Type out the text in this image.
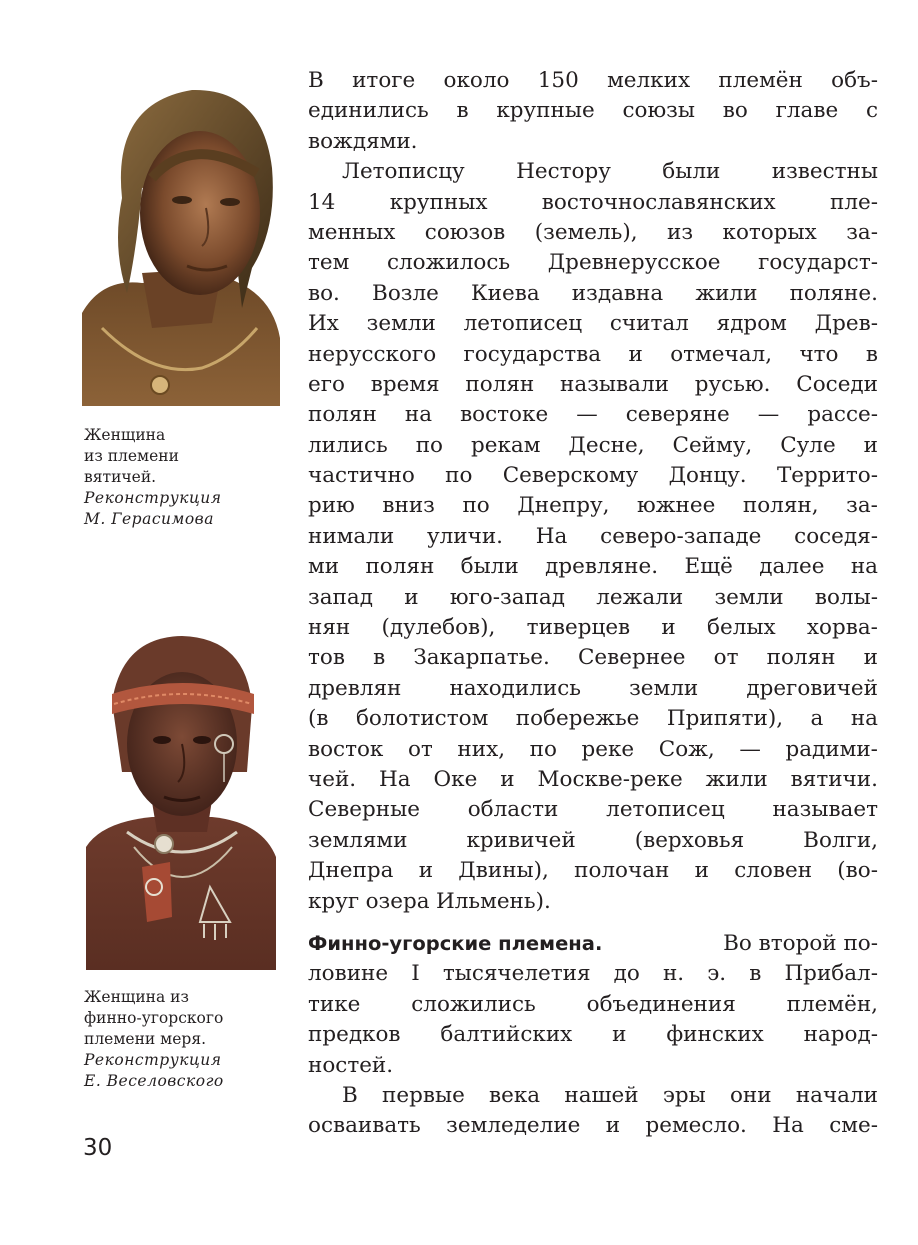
Женщина
из племени
вятичей.
Реконструкция
М. Герасимова
Женщина из
финно-угорского
племени меря.
Реконструкция
Е. Веселовского
В итоге около 150 мелких племён объ-
единились в крупные союзы во главе с
вождями.
Летописцу Нестору были известны
14	крупных	восточнославянских	пле-
менных союзов (земель), из которых за-
тем сложилось Древнерусское государст-
во. Возле Киева издавна жили поляне.
Их земли летописец считал ядром Древ-
нерусского государства и отмечал, что в
его время полян называли русью. Соседи
полян на востоке — северяне — рассе-
лились по рекам Десне, Сейму, Суле и
частично по Северскому Донцу. Террито-
рию вниз по Днепру, южнее полян, за-
нимали уличи. На северо-западе соседя-
ми полян были древляне. Ещё далее на
запад и юго-запад лежали земли волы-
нян (дулебов), тиверцев и белых хорва-
тов в Закарпатье. Севернее от полян и
древлян находились земли дреговичей
(в болотистом побережье Припяти), а на
восток от них, по реке Сож, — радими-
чей. На Оке и Москве-реке жили вятичи.
Северные области летописец называет
землями	кривичей	(верховья	Волги,
Днепра и Двины), полочан и словен (во-
круг озера Ильмень).
Финно-угорские племена.	Во второй по-
ловине I тысячелетия до н. э. в Прибал-
тике сложились объединения племён,
предков балтийских и финских народ-
ностей.
В первые века нашей эры они начали
осваивать земледелие и ремесло. На сме-
30
